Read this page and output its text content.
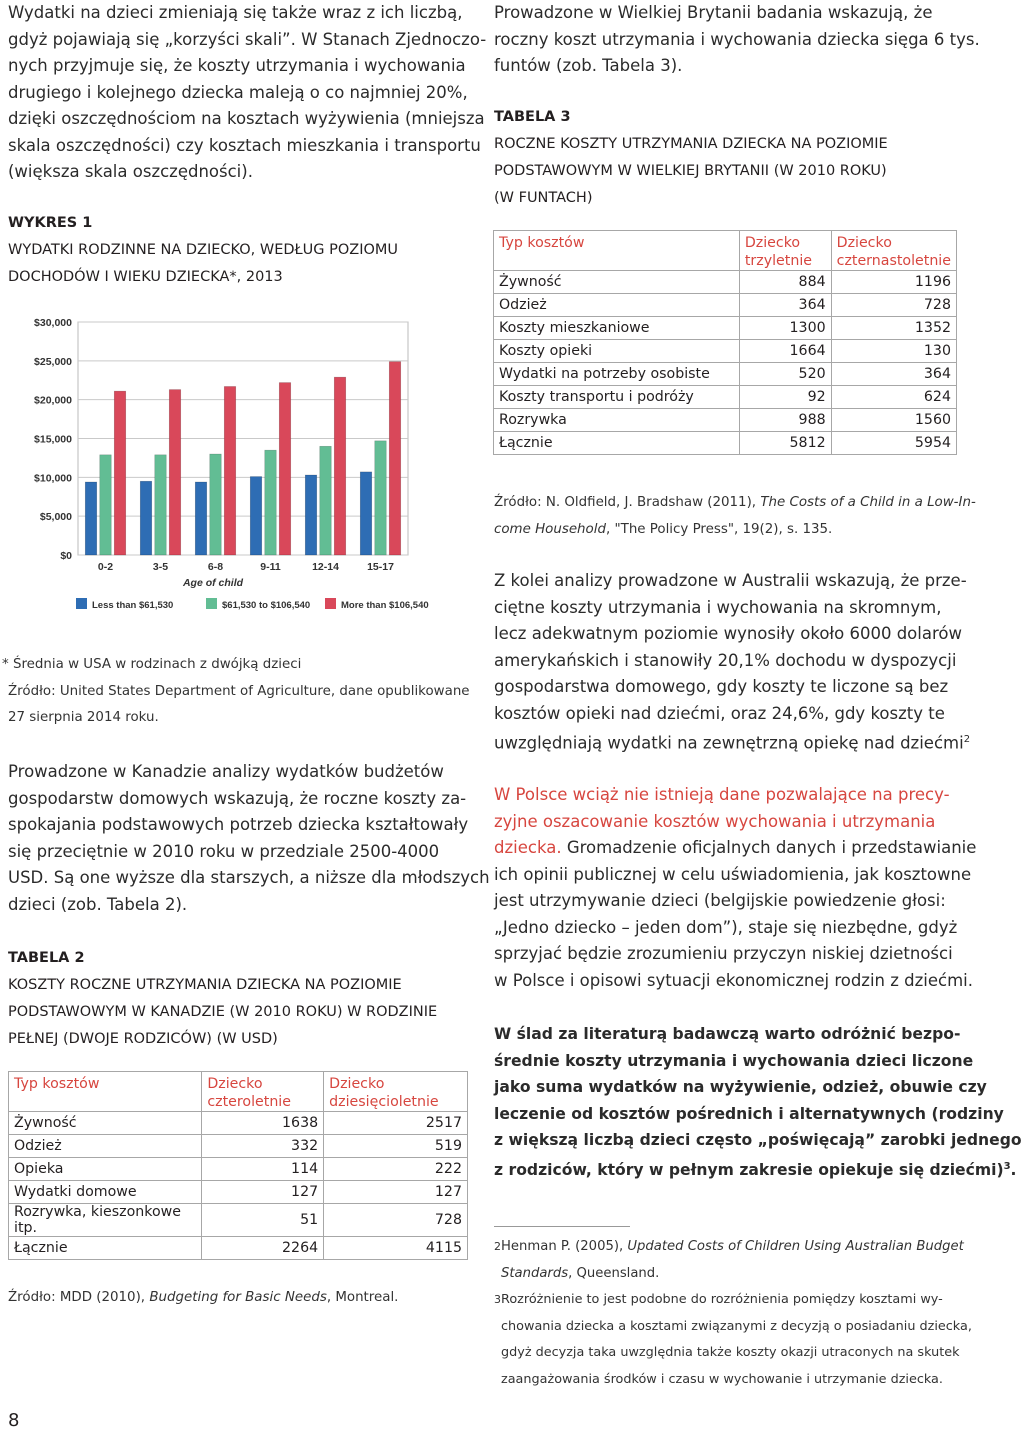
Wydatki na dzieci zmieniają się także wraz z ich liczbą,

gdyż pojawiają się „korzyści skali”. W Stanach Zjednoczo-

nych przyjmuje się, że koszty utrzymania i wychowania

drugiego i kolejnego dziecka maleją o co najmniej 20%,

dzięki oszczędnościom na kosztach wyżywienia (mniejsza

skala oszczędności) czy kosztach mieszkania i transportu

(większa skala oszczędności).

WYKRES 1

WYDATKI RODZINNE NA DZIECKO, WEDŁUG POZIOMU

DOCHODÓW I WIEKU DZIECKA*, 2013

$0
$5,000
$10,000
$15,000
$20,000
$25,000
$30,000
0-2	3-5	6-8	9-11	12-14	15-17
Age of child
Less than $61,530	$61,530 to $106,540	More than $106,540

* Średnia w USA w rodzinach z dwójką dzieci

Źródło: United States Department of Agriculture, dane opublikowane

27 sierpnia 2014 roku.

Prowadzone w Kanadzie analizy wydatków budżetów

gospodarstw domowych wskazują, że roczne koszty za-

spokajania podstawowych potrzeb dziecka kształtowały

się przeciętnie w 2010 roku w przedziale 2500-4000

USD. Są one wyższe dla starszych, a niższe dla młodszych

dzieci (zob. Tabela 2).

TABELA 2

KOSZTY ROCZNE UTRZYMANIA DZIECKA NA POZIOMIE

PODSTAWOWYM W KANADZIE (W 2010 ROKU) W RODZINIE

PEŁNEJ (DWOJE RODZICÓW) (W USD)

Typ kosztów	Dziecko czteroletnie	Dziecko dziesięcioletnie
Żywność	1638	2517
Odzież	332	519
Opieka	114	222
Wydatki domowe	127	127
Rozrywka, kieszonkowe itp.	51	728
Łącznie	2264	4115

Źródło: MDD (2010), Budgeting for Basic Needs, Montreal.

8

Prowadzone w Wielkiej Brytanii badania wskazują, że

roczny koszt utrzymania i wychowania dziecka sięga 6 tys.

funtów (zob. Tabela 3).

TABELA 3

ROCZNE KOSZTY UTRZYMANIA DZIECKA NA POZIOMIE

PODSTAWOWYM W WIELKIEJ BRYTANII (W 2010 ROKU)

(W FUNTACH)

Typ kosztów	Dziecko trzyletnie	Dziecko czternastoletnie
Żywność	884	1196
Odzież	364	728
Koszty mieszkaniowe	1300	1352
Koszty opieki	1664	130
Wydatki na potrzeby osobiste	520	364
Koszty transportu i podróży	92	624
Rozrywka	988	1560
Łącznie	5812	5954

Źródło: N. Oldfield, J. Bradshaw (2011), The Costs of a Child in a Low-In-

come Household, "The Policy Press", 19(2), s. 135.

Z kolei analizy prowadzone w Australii wskazują, że prze-

ciętne koszty utrzymania i wychowania na skromnym,

lecz adekwatnym poziomie wynosiły około 6000 dolarów

amerykańskich i stanowiły 20,1% dochodu w dyspozycji

gospodarstwa domowego, gdy koszty te liczone są bez

kosztów opieki nad dziećmi, oraz 24,6%, gdy koszty te

uwzględniają wydatki na zewnętrzną opiekę nad dziećmi$^2$

W Polsce wciąż nie istnieją dane pozwalające na precy-

zyjne oszacowanie kosztów wychowania i utrzymania

dziecka. Gromadzenie oficjalnych danych i przedstawianie

ich opinii publicznej w celu uświadomienia, jak kosztowne

jest utrzymywanie dzieci (belgijskie powiedzenie głosi:

„Jedno dziecko – jeden dom”), staje się niezbędne, gdyż

sprzyjać będzie zrozumieniu przyczyn niskiej dzietności

w Polsce i opisowi sytuacji ekonomicznej rodzin z dziećmi.

W ślad za literaturą badawczą warto odróżnić bezpo-

średnie koszty utrzymania i wychowania dzieci liczone

jako suma wydatków na wyżywienie, odzież, obuwie czy

leczenie od kosztów pośrednich i alternatywnych (rodziny

z większą liczbą dzieci często „poświęcają” zarobki jednego

z rodziców, który w pełnym zakresie opiekuje się dziećmi)$^3$.

2 Henman P. (2005), Updated Costs of Children Using Australian Budget

Standards, Queensland.

3 Rozróżnienie to jest podobne do rozróżnienia pomiędzy kosztami wy-

chowania dziecka a kosztami związanymi z decyzją o posiadaniu dziecka,

gdyż decyzja taka uwzględnia także koszty okazji utraconych na skutek

zaangażowania środków i czasu w wychowanie i utrzymanie dziecka.
